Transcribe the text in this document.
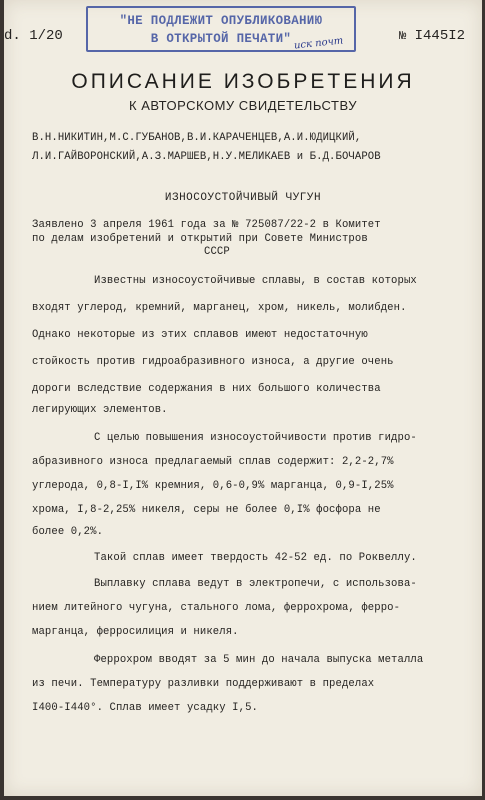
d. 1/20
"НЕ ПОДЛЕЖИТ ОПУБЛИКОВАНИЮ
В ОТКРЫТОЙ ПЕЧАТИ" иск почт	№ I445I2
ОПИСАНИЕ ИЗОБРЕТЕНИЯ
К АВТОРСКОМУ СВИДЕТЕЛЬСТВУ
В.Н.НИКИТИН,М.С.ГУБАНОВ,В.И.КАРАЧЕНЦЕВ,А.И.ЮДИЦКИЙ,
Л.И.ГАЙВОРОНСКИЙ,А.З.МАРШЕВ,Н.У.МЕЛИКАЕВ и Б.Д.БОЧАРОВ
ИЗНОСОУСТОЙЧИВЫЙ ЧУГУН
Заявлено 3 апреля 1961 года за № 725087/22-2 в Комитет
по делам изобретений и открытий при Совете Министров
СССР
Известны износоустойчивые сплавы, в состав которых
входят углерод, кремний, марганец, хром, никель, молибден.
Однако некоторые из этих сплавов имеют недостаточную
стойкость против гидроабразивного износа, а другие очень
дороги вследствие содержания в них большого количества
легирующих элементов.
С целью повышения износоустойчивости против гидро-
абразивного износа предлагаемый сплав содержит: 2,2-2,7%
углерода, 0,8-I,I% кремния, 0,6-0,9% марганца, 0,9-I,25%
хрома, I,8-2,25% никеля, серы не более 0,I% фосфора не
более 0,2%.
Такой сплав имеет твердость 42-52 ед. по Роквеллу.
Выплавку сплава ведут в электропечи, с использова-
нием литейного чугуна, стального лома, феррохрома, ферро-
марганца, ферросилиция и никеля.
Феррохром вводят за 5 мин до начала выпуска металла
из печи. Температуру разливки поддерживают в пределах
I400-I440°. Сплав имеет усадку I,5.
